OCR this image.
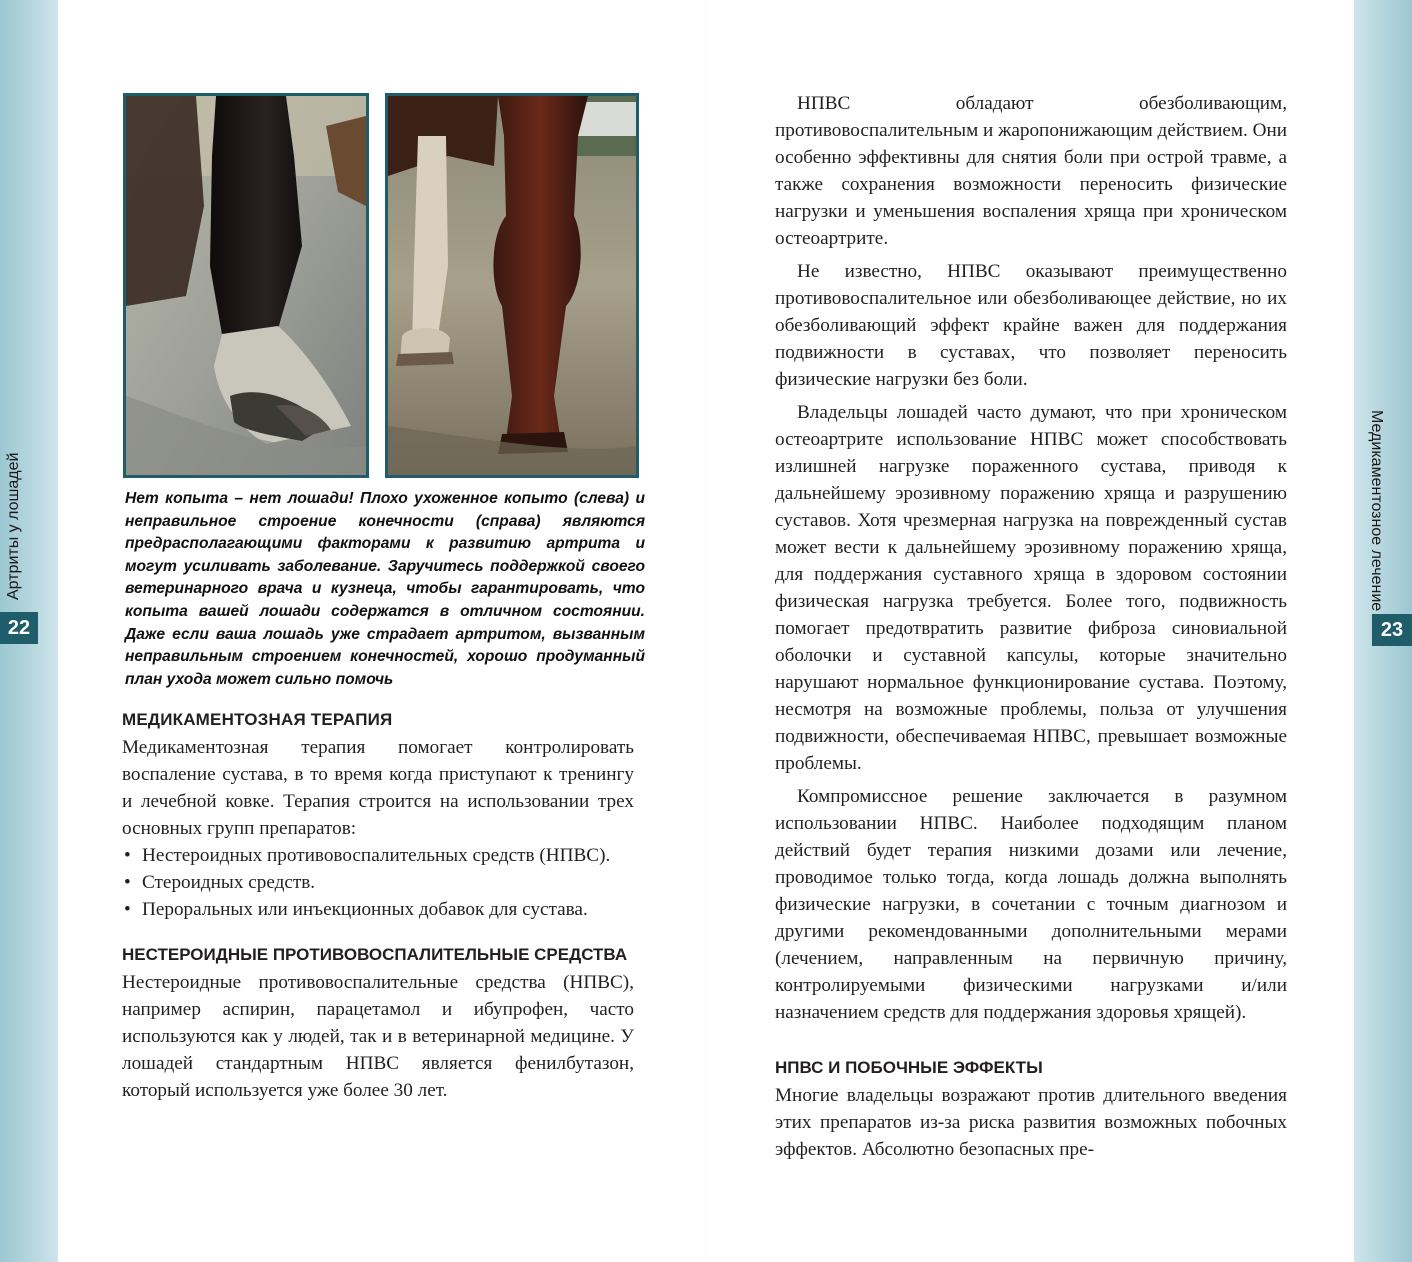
Артриты у лошадей	Медикаментозное лечение
22	23
Нет копыта – нет лошади! Плохо ухоженное копыто (слева) и неправильное строение конечности (справа) являются предрасполагающими факторами к развитию артрита и могут усиливать заболевание. Заручитесь поддержкой своего ветеринарного врача и кузнеца, чтобы гарантировать, что копыта вашей лошади содержатся в отличном состоянии. Даже если ваша лошадь уже страдает артритом, вызванным неправильным строением конечностей, хорошо продуманный план ухода может сильно помочь
МЕДИКАМЕНТОЗНАЯ ТЕРАПИЯ

Медикаментозная терапия помогает контролировать воспаление сустава, в то время когда приступают к тренингу и лечебной ковке. Терапия строится на использовании трех основных групп препаратов:

• Нестероидных противовоспалительных средств (НПВС).
• Стероидных средств.
• Пероральных или инъекционных добавок для сустава.
НЕСТЕРОИДНЫЕ ПРОТИВОВОСПАЛИТЕЛЬНЫЕ СРЕДСТВА

Нестероидные противовоспалительные средства (НПВС), например аспирин, парацетамол и ибупрофен, часто используются как у людей, так и в ветеринарной медицине. У лошадей стандартным НПВС является фенилбутазон, который используется уже более 30 лет.

НПВС обладают обезболивающим, противовоспалительным и жаропонижающим действием. Они особенно эффективны для снятия боли при острой травме, а также сохранения возможности переносить физические нагрузки и уменьшения воспаления хряща при хроническом остеоартрите.

Не известно, НПВС оказывают преимущественно противовоспалительное или обезболивающее действие, но их обезболивающий эффект крайне важен для поддержания подвижности в суставах, что позволяет переносить физические нагрузки без боли.

Владельцы лошадей часто думают, что при хроническом остеоартрите использование НПВС может способствовать излишней нагрузке пораженного сустава, приводя к дальнейшему эрозивному поражению хряща и разрушению суставов. Хотя чрезмерная нагрузка на поврежденный сустав может вести к дальнейшему эрозивному поражению хряща, для поддержания суставного хряща в здоровом состоянии физическая нагрузка требуется. Более того, подвижность помогает предотвратить развитие фиброза синовиальной оболочки и суставной капсулы, которые значительно нарушают нормальное функционирование сустава. Поэтому, несмотря на возможные проблемы, польза от улучшения подвижности, обеспечиваемая НПВС, превышает возможные проблемы.

Компромиссное решение заключается в разумном использовании НПВС. Наиболее подходящим планом действий будет терапия низкими дозами или лечение, проводимое только тогда, когда лошадь должна выполнять физические нагрузки, в сочетании с точным диагнозом и другими рекомендованными дополнительными мерами (лечением, направленным на первичную причину, контролируемыми физическими нагрузками и/или назначением средств для поддержания здоровья хрящей).

НПВС И ПОБОЧНЫЕ ЭФФЕКТЫ

Многие владельцы возражают против длительного введения этих препаратов из-за риска развития возможных побочных эффектов. Абсолютно безопасных пре-
